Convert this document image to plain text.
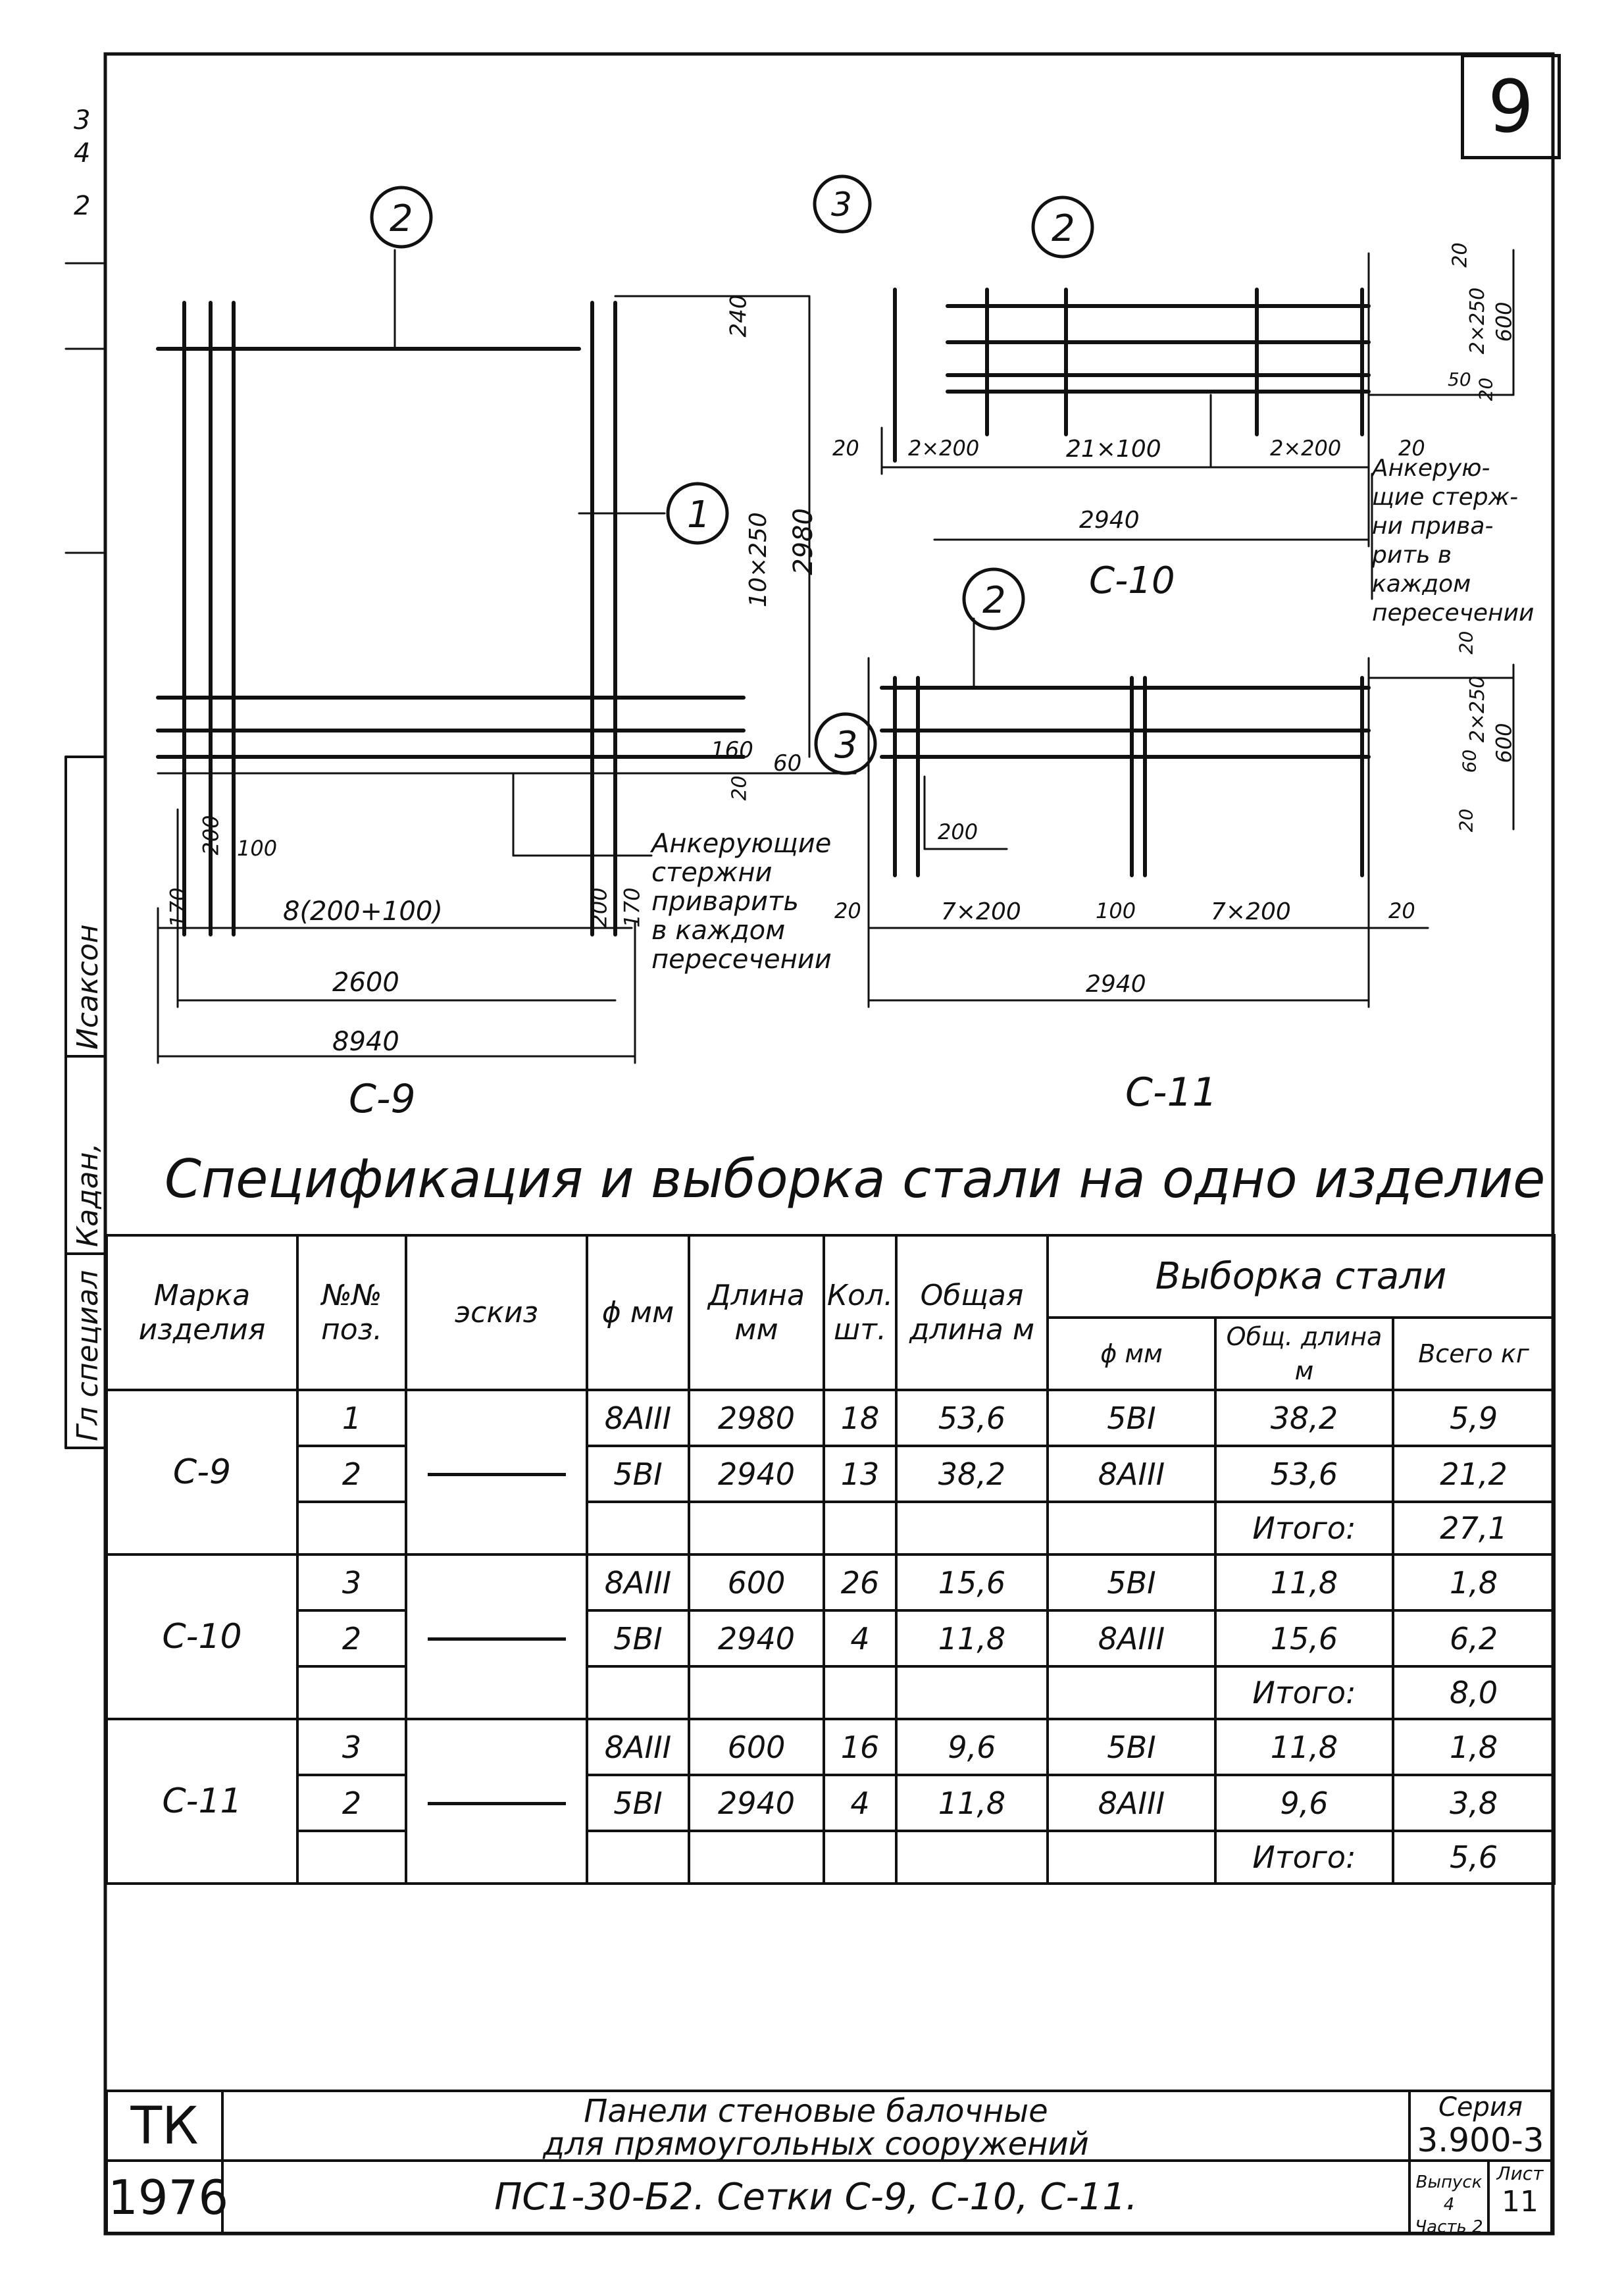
3
4
2
Гл специал
Кадан,
Исаксон
9
2
1
3
240
2980
10×250
160 60
20
200 100
170	8(200+100)	200 170
2600
8940
Анкерующие
стержни
приварить
в каждом
пересечении
С-9
3
2
20
2×250
50 20
600
20 2×200	21×100	2×200	20
2940
Анкерую-
щие стерж-
ни прива-
рить в каждом
пересечении
С-10
2
20
2×250
60
20
600
200
20	7×200	100	7×200	20
2940
С-11
Спецификация и выборка стали на одно изделие
Марка изделия	№№ поз.	эскиз	ϕ мм	Длина мм	Кол. шт.	Общая длина м	Выборка стали		
							ϕ мм	Общ. длина м	Всего кг
С-9	1		8АIII	2980	18	53,6	5ВI	38,2	5,9
	2		5ВI	2940	13	38,2	8АIII	53,6	21,2
								Итого:	27,1
С-10	3		8АIII	600	26	15,6	5ВI	11,8	1,8
	2		5ВI	2940	4	11,8	8АIII	15,6	6,2
								Итого:	8,0
С-11	3		8АIII	600	16	9,6	5ВI	11,8	1,8
	2		5ВI	2940	4	11,8	8АIII	9,6	3,8
								Итого:	5,6
ТК
1976
Панели стеновые балочные
для прямоугольных сооружений
ПС1-30-Б2. Сетки С-9, С-10, С-11.
Серия
3.900-3
Выпуск 4
Часть 2
Лист
11
